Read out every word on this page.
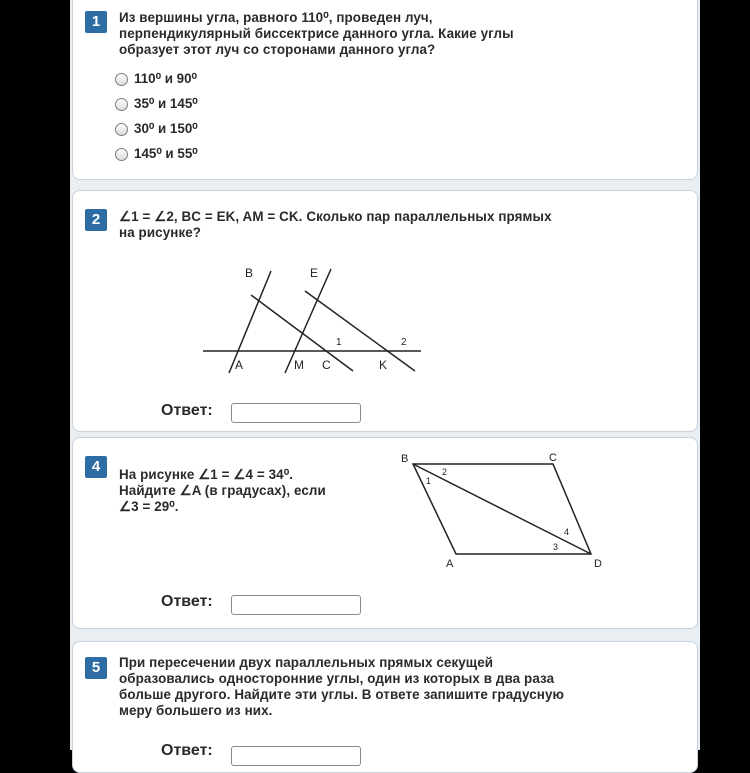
1	Из вершины угла, равного 110⁰, проведен луч,
перпендикулярный биссектрисе данного угла. Какие углы
образует этот луч со сторонами данного угла?
110⁰ и 90⁰
35⁰ и 145⁰
30⁰ и 150⁰
145⁰ и 55⁰
2	∠1 = ∠2, BC = EK, AM = CK. Сколько пар параллельных прямых
на рисунке?
B	E
A	M C	K
1	2
Ответ:
4	На рисунке ∠1 = ∠4 = 34⁰.
Найдите ∠A (в градусах), если
∠3 = 29⁰.
B	C
A	D
1
2
3
4
Ответ:
5	При пересечении двух параллельных прямых секущей
образовались односторонние углы, один из которых в два раза
больше другого. Найдите эти углы. В ответе запишите градусную
меру большего из них.
Ответ:
